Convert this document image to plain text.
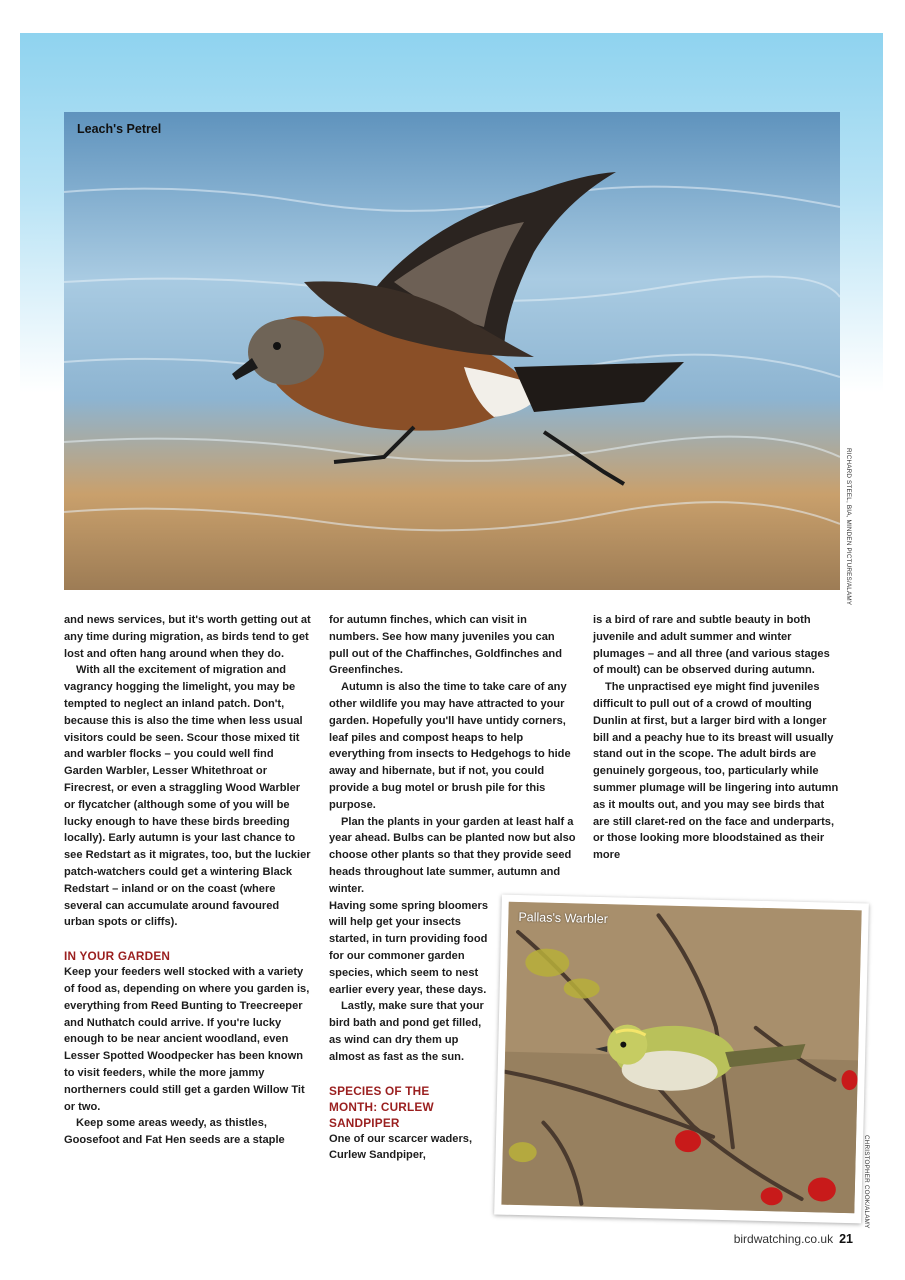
Leach's Petrel
RICHARD STEEL, BIA, MINDEN PICTURES/ALAMY

and news services, but it's worth getting out at any time during migration, as birds tend to get lost and often hang around when they do.

With all the excitement of migration and vagrancy hogging the limelight, you may be tempted to neglect an inland patch. Don't, because this is also the time when less usual visitors could be seen. Scour those mixed tit and warbler flocks – you could well find Garden Warbler, Lesser Whitethroat or Firecrest, or even a straggling Wood Warbler or flycatcher (although some of you will be lucky enough to have these birds breeding locally). Early autumn is your last chance to see Redstart as it migrates, too, but the luckier patch-watchers could get a wintering Black Redstart – inland or on the coast (where several can accumulate around favoured urban spots or cliffs).

IN YOUR GARDEN

Keep your feeders well stocked with a variety of food as, depending on where you garden is, everything from Reed Bunting to Treecreeper and Nuthatch could arrive. If you're lucky enough to be near ancient woodland, even Lesser Spotted Woodpecker has been known to visit feeders, while the more jammy northerners could still get a garden Willow Tit or two.

Keep some areas weedy, as thistles, Goosefoot and Fat Hen seeds are a staple

for autumn finches, which can visit in numbers. See how many juveniles you can pull out of the Chaffinches, Goldfinches and Greenfinches.

Autumn is also the time to take care of any other wildlife you may have attracted to your garden. Hopefully you'll have untidy corners, leaf piles and compost heaps to help everything from insects to Hedgehogs to hide away and hibernate, but if not, you could provide a bug motel or brush pile for this purpose.

Plan the plants in your garden at least half a year ahead. Bulbs can be planted now but also choose other plants so that they provide seed heads throughout late summer, autumn and winter.

Having some spring bloomers will help get your insects started, in turn providing food for our commoner garden species, which seem to nest earlier every year, these days.

Lastly, make sure that your bird bath and pond get filled, as wind can dry them up almost as fast as the sun.

SPECIES OF THE MONTH: CURLEW SANDPIPER

One of our scarcer waders, Curlew Sandpiper,

is a bird of rare and subtle beauty in both juvenile and adult summer and winter plumages – and all three (and various stages of moult) can be observed during autumn.

The unpractised eye might find juveniles difficult to pull out of a crowd of moulting Dunlin at first, but a larger bird with a longer bill and a peachy hue to its breast will usually stand out in the scope. The adult birds are genuinely gorgeous, too, particularly while summer plumage will be lingering into autumn as it moults out, and you may see birds that are still claret-red on the face and underparts, or those looking more bloodstained as their more

Pallas's Warbler
CHRISTOPHER COOK/ALAMY
birdwatching.co.uk 21
